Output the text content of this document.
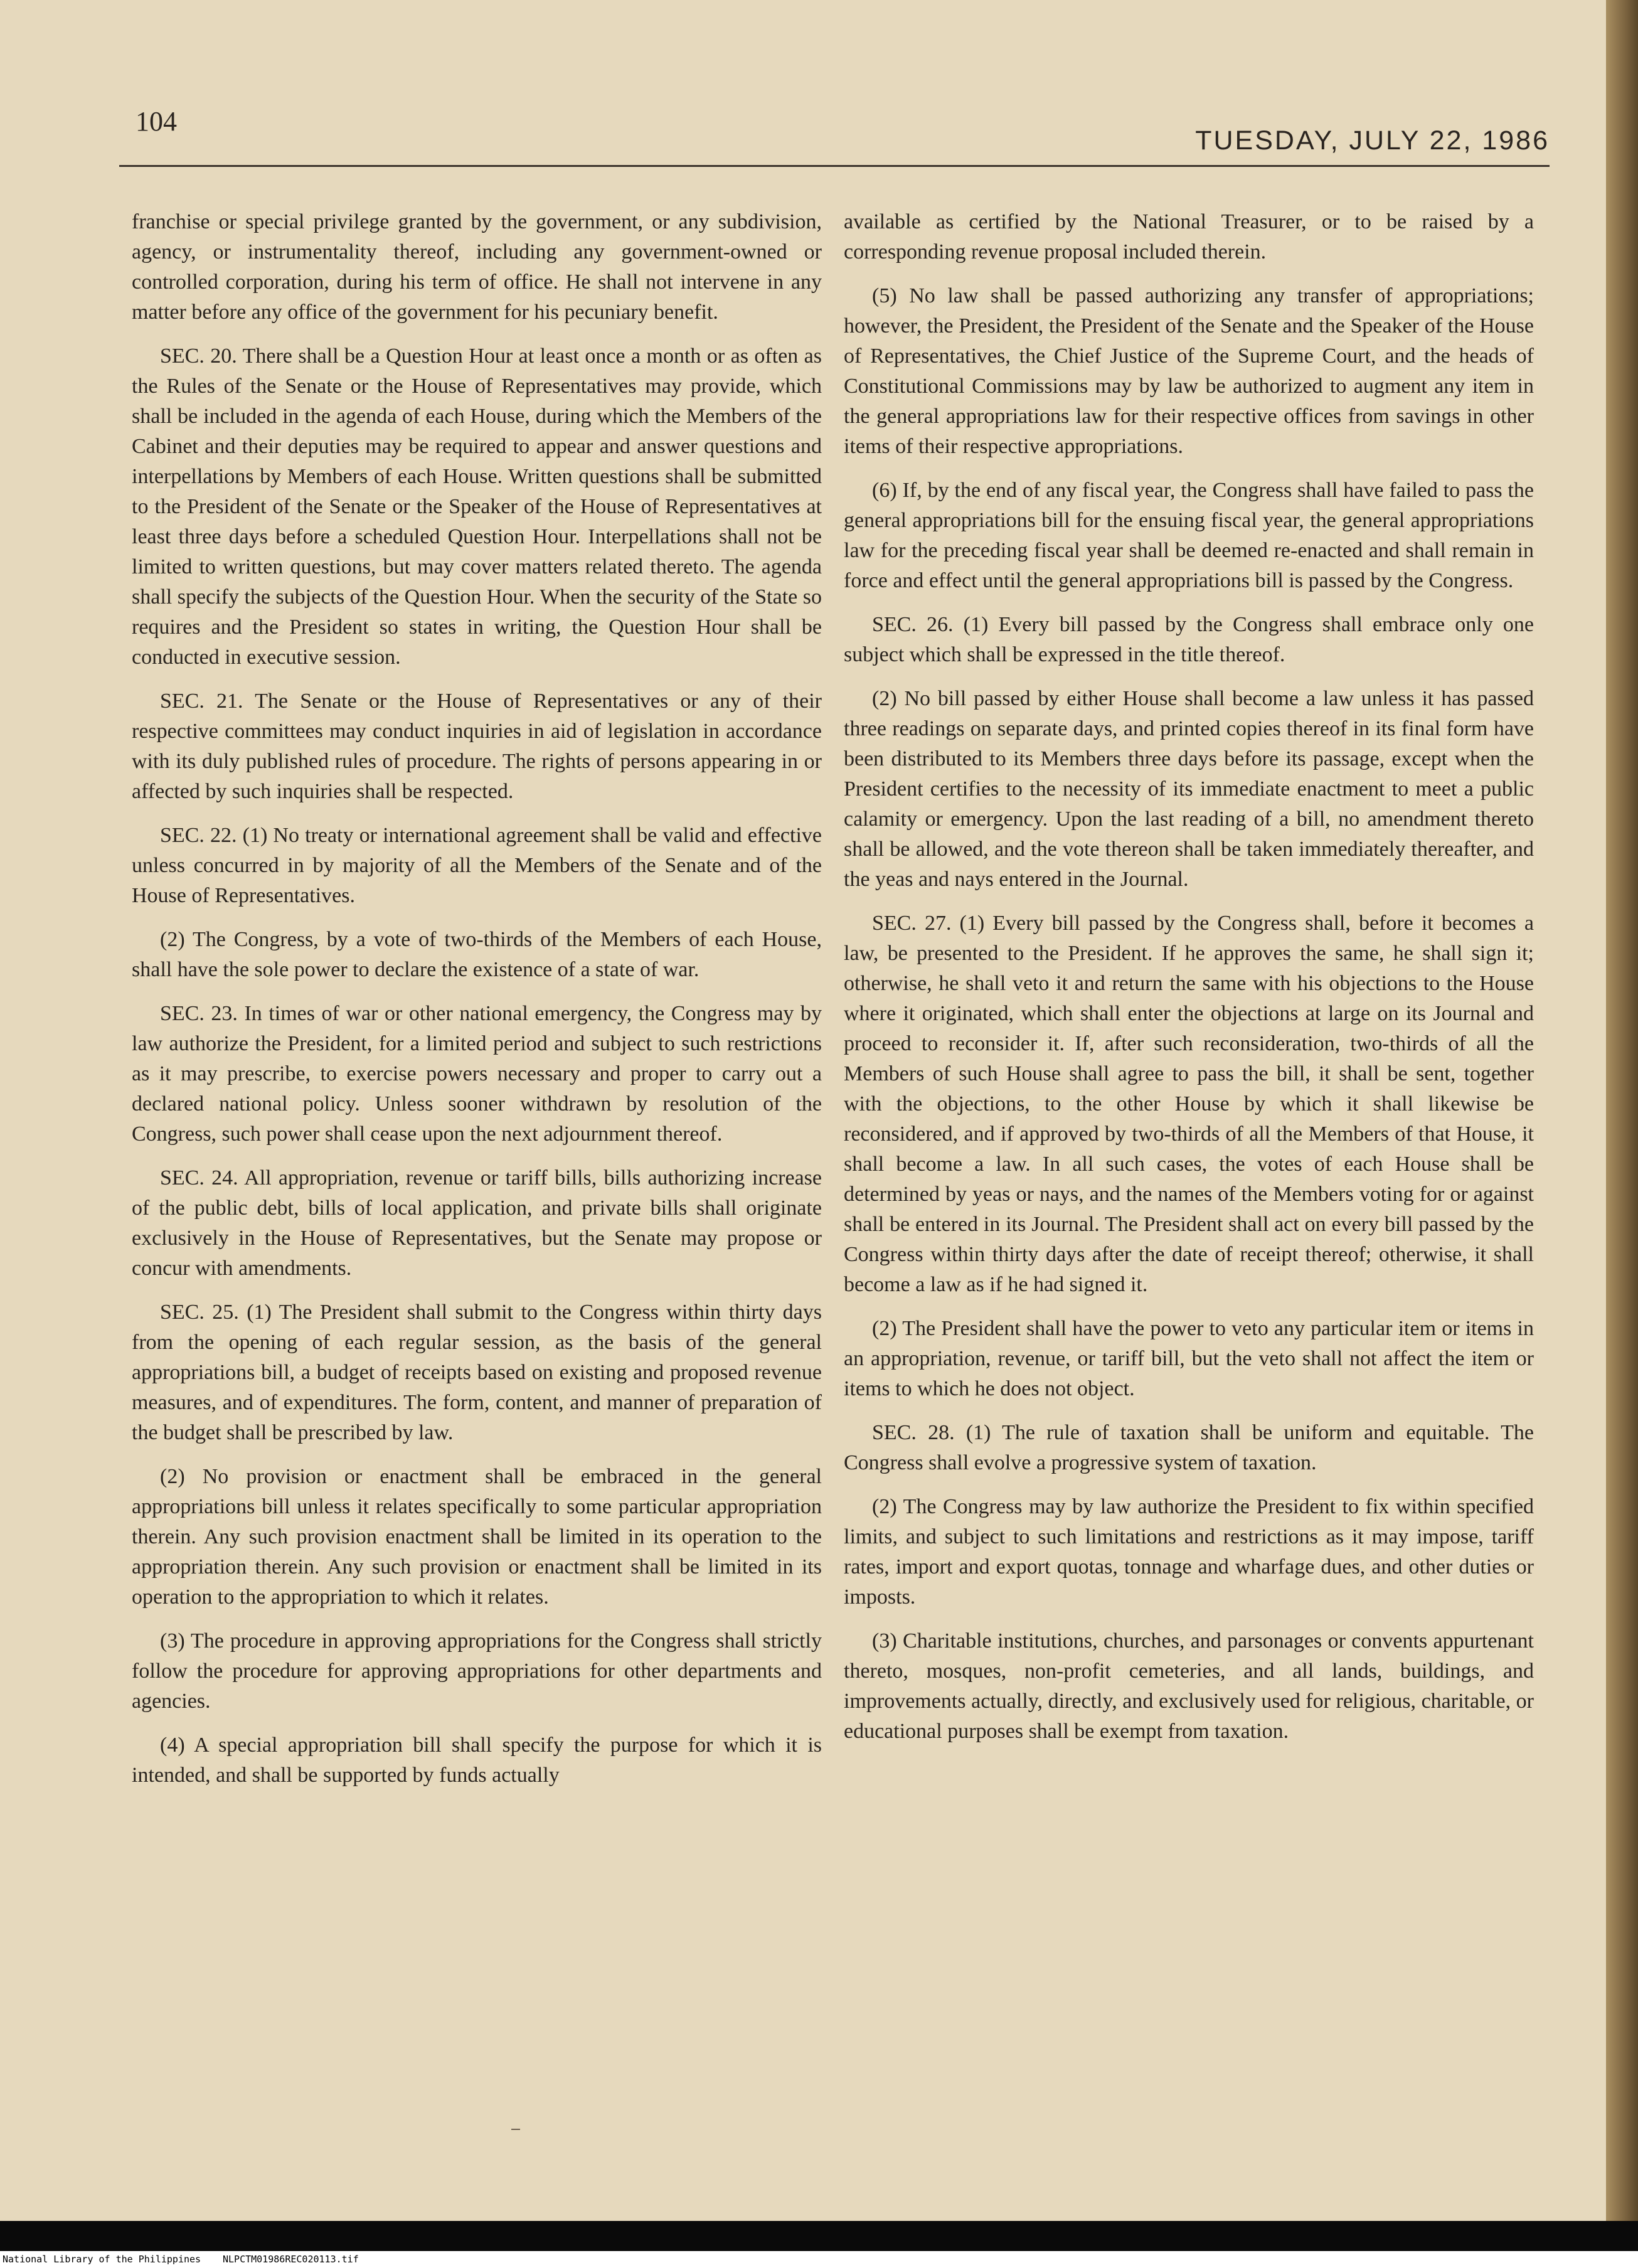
104
TUESDAY, JULY 22, 1986

franchise or special privilege granted by the government, or any subdivision, agency, or instrumentality thereof, including any government-owned or controlled corporation, during his term of office. He shall not intervene in any matter before any office of the government for his pecuniary benefit.

SEC. 20. There shall be a Question Hour at least once a month or as often as the Rules of the Senate or the House of Representatives may provide, which shall be included in the agenda of each House, during which the Members of the Cabinet and their deputies may be required to appear and answer questions and interpellations by Members of each House. Written questions shall be submitted to the President of the Senate or the Speaker of the House of Representatives at least three days before a scheduled Question Hour. Interpellations shall not be limited to written questions, but may cover matters related thereto. The agenda shall specify the subjects of the Question Hour. When the security of the State so requires and the President so states in writing, the Question Hour shall be conducted in executive session.

SEC. 21. The Senate or the House of Representatives or any of their respective committees may conduct inquiries in aid of legislation in accordance with its duly published rules of procedure. The rights of persons appearing in or affected by such inquiries shall be respected.

SEC. 22. (1) No treaty or international agreement shall be valid and effective unless concurred in by majority of all the Members of the Senate and of the House of Representatives.

(2) The Congress, by a vote of two-thirds of the Members of each House, shall have the sole power to declare the existence of a state of war.

SEC. 23. In times of war or other national emergency, the Congress may by law authorize the President, for a limited period and subject to such restrictions as it may prescribe, to exercise powers necessary and proper to carry out a declared national policy. Unless sooner withdrawn by resolution of the Congress, such power shall cease upon the next adjournment thereof.

SEC. 24. All appropriation, revenue or tariff bills, bills authorizing increase of the public debt, bills of local application, and private bills shall originate exclusively in the House of Representatives, but the Senate may propose or concur with amendments.

SEC. 25. (1) The President shall submit to the Congress within thirty days from the opening of each regular session, as the basis of the general appropriations bill, a budget of receipts based on existing and proposed revenue measures, and of expenditures. The form, content, and manner of preparation of the budget shall be prescribed by law.

(2) No provision or enactment shall be embraced in the general appropriations bill unless it relates specifically to some particular appropriation therein. Any such provision enactment shall be limited in its operation to the appropriation therein. Any such provision or enactment shall be limited in its operation to the appropriation to which it relates.

(3) The procedure in approving appropriations for the Congress shall strictly follow the procedure for approving appropriations for other departments and agencies.

(4) A special appropriation bill shall specify the purpose for which it is intended, and shall be supported by funds actually

available as certified by the National Treasurer, or to be raised by a corresponding revenue proposal included therein.

(5) No law shall be passed authorizing any transfer of appropriations; however, the President, the President of the Senate and the Speaker of the House of Representatives, the Chief Justice of the Supreme Court, and the heads of Constitutional Commissions may by law be authorized to augment any item in the general appropriations law for their respective offices from savings in other items of their respective appropriations.

(6) If, by the end of any fiscal year, the Congress shall have failed to pass the general appropriations bill for the ensuing fiscal year, the general appropriations law for the preceding fiscal year shall be deemed re-enacted and shall remain in force and effect until the general appropriations bill is passed by the Congress.

SEC. 26. (1) Every bill passed by the Congress shall embrace only one subject which shall be expressed in the title thereof.

(2) No bill passed by either House shall become a law unless it has passed three readings on separate days, and printed copies thereof in its final form have been distributed to its Members three days before its passage, except when the President certifies to the necessity of its immediate enactment to meet a public calamity or emergency. Upon the last reading of a bill, no amendment thereto shall be allowed, and the vote thereon shall be taken immediately thereafter, and the yeas and nays entered in the Journal.

SEC. 27. (1) Every bill passed by the Congress shall, before it becomes a law, be presented to the President. If he approves the same, he shall sign it; otherwise, he shall veto it and return the same with his objections to the House where it originated, which shall enter the objections at large on its Journal and proceed to reconsider it. If, after such reconsideration, two-thirds of all the Members of such House shall agree to pass the bill, it shall be sent, together with the objections, to the other House by which it shall likewise be reconsidered, and if approved by two-thirds of all the Members of that House, it shall become a law. In all such cases, the votes of each House shall be determined by yeas or nays, and the names of the Members voting for or against shall be entered in its Journal. The President shall act on every bill passed by the Congress within thirty days after the date of receipt thereof; otherwise, it shall become a law as if he had signed it.

(2) The President shall have the power to veto any particular item or items in an appropriation, revenue, or tariff bill, but the veto shall not affect the item or items to which he does not object.

SEC. 28. (1) The rule of taxation shall be uniform and equitable. The Congress shall evolve a progressive system of taxation.

(2) The Congress may by law authorize the President to fix within specified limits, and subject to such limitations and restrictions as it may impose, tariff rates, import and export quotas, tonnage and wharfage dues, and other duties or imposts.

(3) Charitable institutions, churches, and parsonages or convents appurtenant thereto, mosques, non-profit cemeteries, and all lands, buildings, and improvements actually, directly, and exclusively used for religious, charitable, or educational purposes shall be exempt from taxation.

National Library of the Philippines NLPCTM01986REC020113.tif
